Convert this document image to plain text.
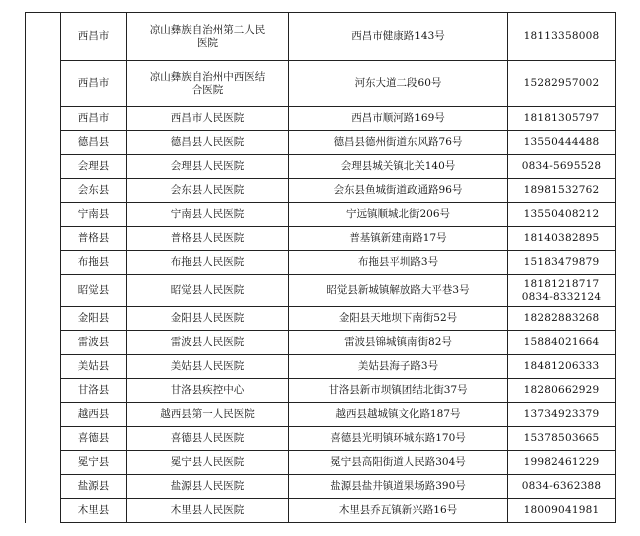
	西昌市	凉山彝族自治州第二人民
医院	西昌市健康路143号	18113358008

	西昌市	凉山彝族自治州中西医结
合医院	河东大道二段60号	15282957002

	西昌市	西昌市人民医院	西昌市顺河路169号	18181305797

	德昌县	德昌县人民医院	德昌县德州街道东风路76号	13550444488

	会理县	会理县人民医院	会理县城关镇北关140号	0834-5695528

	会东县	会东县人民医院	会东县鱼城街道政通路96号	18981532762

	宁南县	宁南县人民医院	宁远镇顺城北街206号	13550408212

	普格县	普格县人民医院	普基镇新建南路17号	18140382895

	布拖县	布拖县人民医院	布拖县平圳路3号	15183479879

	昭觉县	昭觉县人民医院	昭觉县新城镇解放路大平巷3号	18181218717
0834-8332124

	金阳县	金阳县人民医院	金阳县天地坝下南街52号	18282883268

	雷波县	雷波县人民医院	雷波县锦城镇南街82号	15884021664

	美姑县	美姑县人民医院	美姑县海子路3号	18481206333

	甘洛县	甘洛县疾控中心	甘洛县新市坝镇团结北街37号	18280662929

	越西县	越西县第一人民医院	越西县越城镇文化路187号	13734923379

	喜德县	喜德县人民医院	喜德县光明镇环城东路170号	15378503665

	冕宁县	冕宁县人民医院	冕宁县高阳街道人民路304号	19982461229

	盐源县	盐源县人民医院	盐源县盐井镇道果场路390号	0834-6362388

	木里县	木里县人民医院	木里县乔瓦镇新兴路16号	18009041981
